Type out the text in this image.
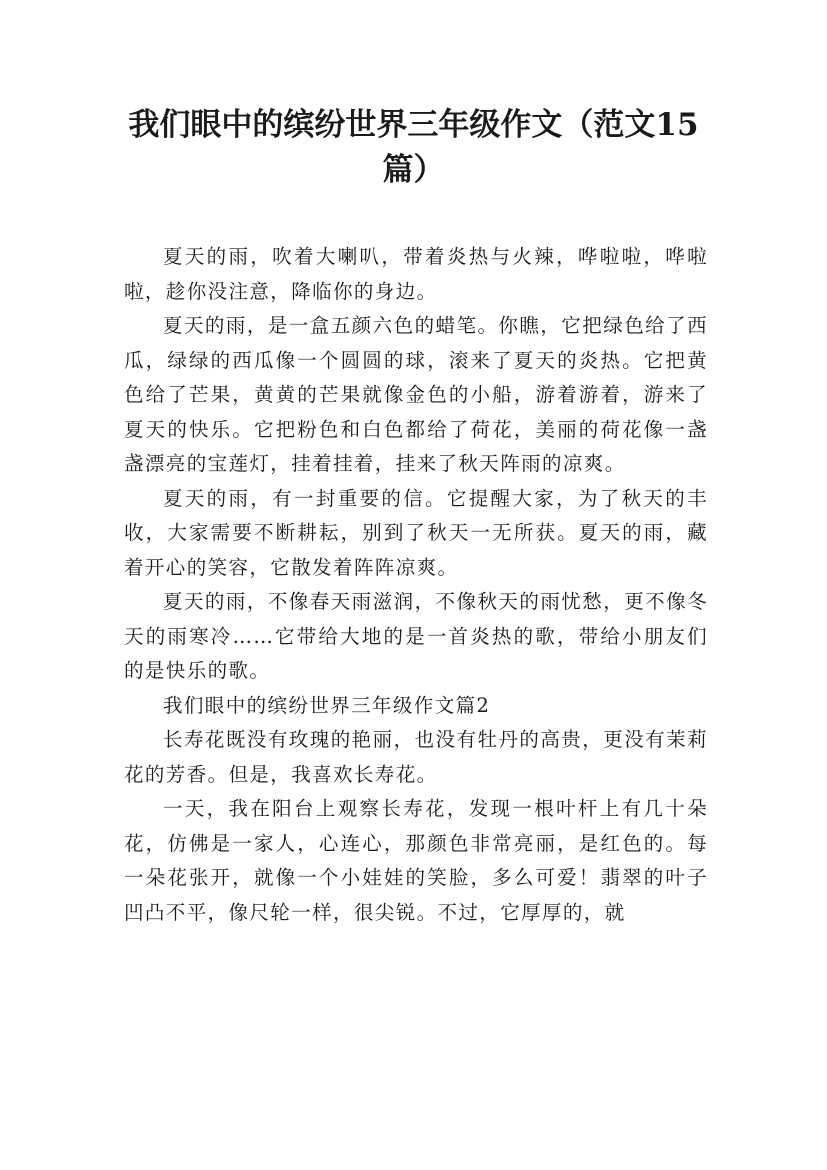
我们眼中的缤纷世界三年级作文（范文15篇）

夏天的雨，吹着大喇叭，带着炎热与火辣，哗啦啦，哗啦啦，趁你没注意，降临你的身边。

夏天的雨，是一盒五颜六色的蜡笔。你瞧，它把绿色给了西瓜，绿绿的西瓜像一个圆圆的球，滚来了夏天的炎热。它把黄色给了芒果，黄黄的芒果就像金色的小船，游着游着，游来了夏天的快乐。它把粉色和白色都给了荷花，美丽的荷花像一盏盏漂亮的宝莲灯，挂着挂着，挂来了秋天阵雨的凉爽。

夏天的雨，有一封重要的信。它提醒大家，为了秋天的丰收，大家需要不断耕耘，别到了秋天一无所获。夏天的雨，藏着开心的笑容，它散发着阵阵凉爽。

夏天的雨，不像春天雨滋润，不像秋天的雨忧愁，更不像冬天的雨寒冷……它带给大地的是一首炎热的歌，带给小朋友们的是快乐的歌。

我们眼中的缤纷世界三年级作文篇2

长寿花既没有玫瑰的艳丽，也没有牡丹的高贵，更没有茉莉花的芳香。但是，我喜欢长寿花。

一天，我在阳台上观察长寿花，发现一根叶杆上有几十朵花，仿佛是一家人，心连心，那颜色非常亮丽，是红色的。每一朵花张开，就像一个小娃娃的笑脸，多么可爱！翡翠的叶子凹凸不平，像尺轮一样，很尖锐。不过，它厚厚的，就
